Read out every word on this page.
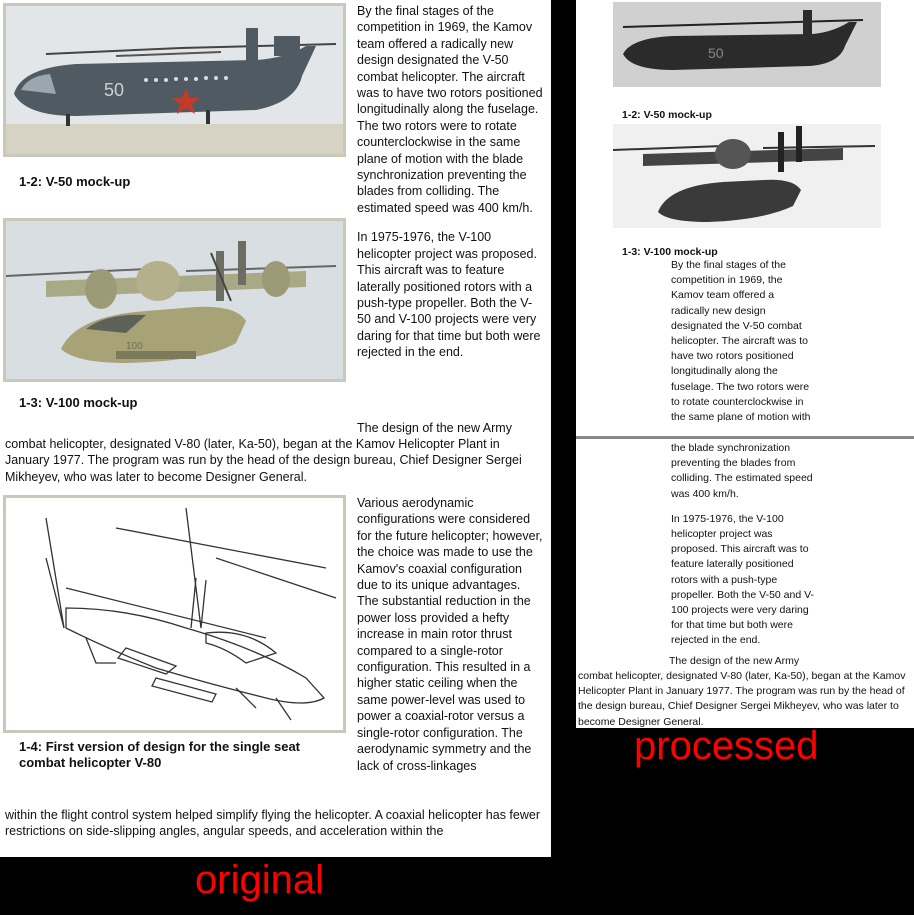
50
1-2: V-50 mock-up
100
1-3: V-100 mock-up
1-4: First version of design for the single seat combat helicopter V-80

By the final stages of the competition in 1969, the Kamov team offered a radically new design designated the V-50 combat helicopter. The aircraft was to have two rotors positioned longitudinally along the fuselage. The two rotors were to rotate counterclockwise in the same plane of motion with the blade synchronization preventing the blades from colliding. The estimated speed was 400 km/h.

In 1975-1976, the V-100 helicopter project was proposed. This aircraft was to feature laterally positioned rotors with a push-type propeller. Both the V-50 and V-100 projects were very daring for that time but both were rejected in the end.

The design of the new Army
combat helicopter, designated V-80 (later, Ka-50), began at the Kamov Helicopter Plant in January 1977. The program was run by the head of the design bureau, Chief Designer Sergei Mikheyev, who was later to become Designer General.
Various aerodynamic configurations were considered for the future helicopter; however, the choice was made to use the Kamov's coaxial configuration due to its unique advantages. The substantial reduction in the power loss provided a hefty increase in main rotor thrust compared to a single-rotor configuration. This resulted in a higher static ceiling when the same power-level was used to power a coaxial-rotor versus a single-rotor configuration. The aerodynamic symmetry and the lack of cross-linkages
within the flight control system helped simplify flying the helicopter. A coaxial helicopter has fewer restrictions on side-slipping angles, angular speeds, and acceleration within the
original
50
1-2: V-50 mock-up
1-3: V-100 mock-up
By the final stages of the
competition in 1969, the
Kamov team offered a
radically new design
designated the V-50 combat
helicopter. The aircraft was to
have two rotors positioned
longitudinally along the
fuselage. The two rotors were
to rotate counterclockwise in
the same plane of motion with
the blade synchronization
preventing the blades from
colliding. The estimated speed
was 400 km/h.
In 1975-1976, the V-100
helicopter project was
proposed. This aircraft was to
feature laterally positioned
rotors with a push-type
propeller. Both the V-50 and V-
100 projects were very daring
for that time but both were
rejected in the end.
The design of the new Army
combat helicopter, designated V-80 (later, Ka-50), began at the Kamov Helicopter Plant in January 1977. The program was run by the head of the design bureau, Chief Designer Sergei Mikheyev, who was later to become Designer General.
processed
